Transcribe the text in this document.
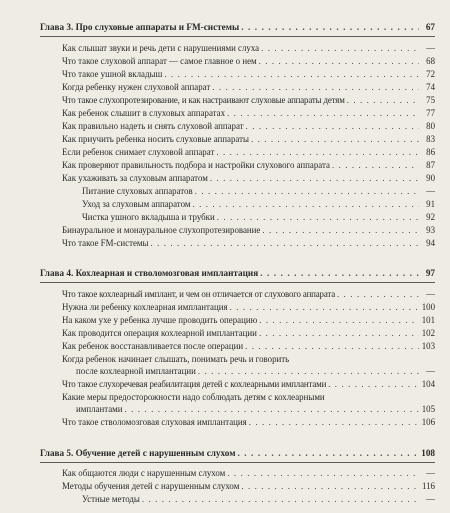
Глава 3. Про слуховые аппараты и FM-системы . . .	67
Как слышат звуки и речь дети с нарушениями слуха . . .	—
Что такое слуховой аппарат — самое главное о нем . . .	68
Что такое ушной вкладыш . . .	72
Когда ребенку нужен слуховой аппарат . . .	74
Что такое слухопротезирование, и как настраивают слуховые аппараты детям . . .	75
Как ребенок слышит в слуховых аппаратах . . .	77
Как правильно надеть и снять слуховой аппарат . . .	80
Как приучить ребенка носить слуховые аппараты . . .	83
Если ребенок снимает слуховой аппарат . . .	86
Как проверяют правильность подбора и настройки слухового аппарата . . .	87
Как ухаживать за слуховым аппаратом . . .	90
Питание слуховых аппаратов . . .	—
Уход за слуховым аппаратом . . .	91
Чистка ушного вкладыша и трубки . . .	92
Бинауральное и монауральное слухопротезирование . . .	93
Что такое FM-системы . . .	94
Глава 4. Кохлеарная и стволомозговая имплантация . . .	97
Что такое кохлеарный имплант, и чем он отличается от слухового аппарата . . .	—
Нужна ли ребенку кохлеарная имплантация . . .	100
На каком ухе у ребенка лучше проводить операцию . . .	101
Как проводится операция кохлеарной имплантации . . .	102
Как ребенок восстанавливается после операции . . .	103
Когда ребенок начинает слышать, понимать речь и говорить
после кохлеарной имплантации . . .	—
Что такое слухоречевая реабилитация детей с кохлеарными имплантами . . .	104
Какие меры предосторожности надо соблюдать детям с кохлеарными
имплантами . . .	105
Что такое стволомозговая слуховая имплантация . . .	106
Глава 5. Обучение детей с нарушенным слухом . . .	108
Как общаются люди с нарушенным слухом . . .	—
Методы обучения детей с нарушенным слухом . . .	116
Устные методы . . .	—
